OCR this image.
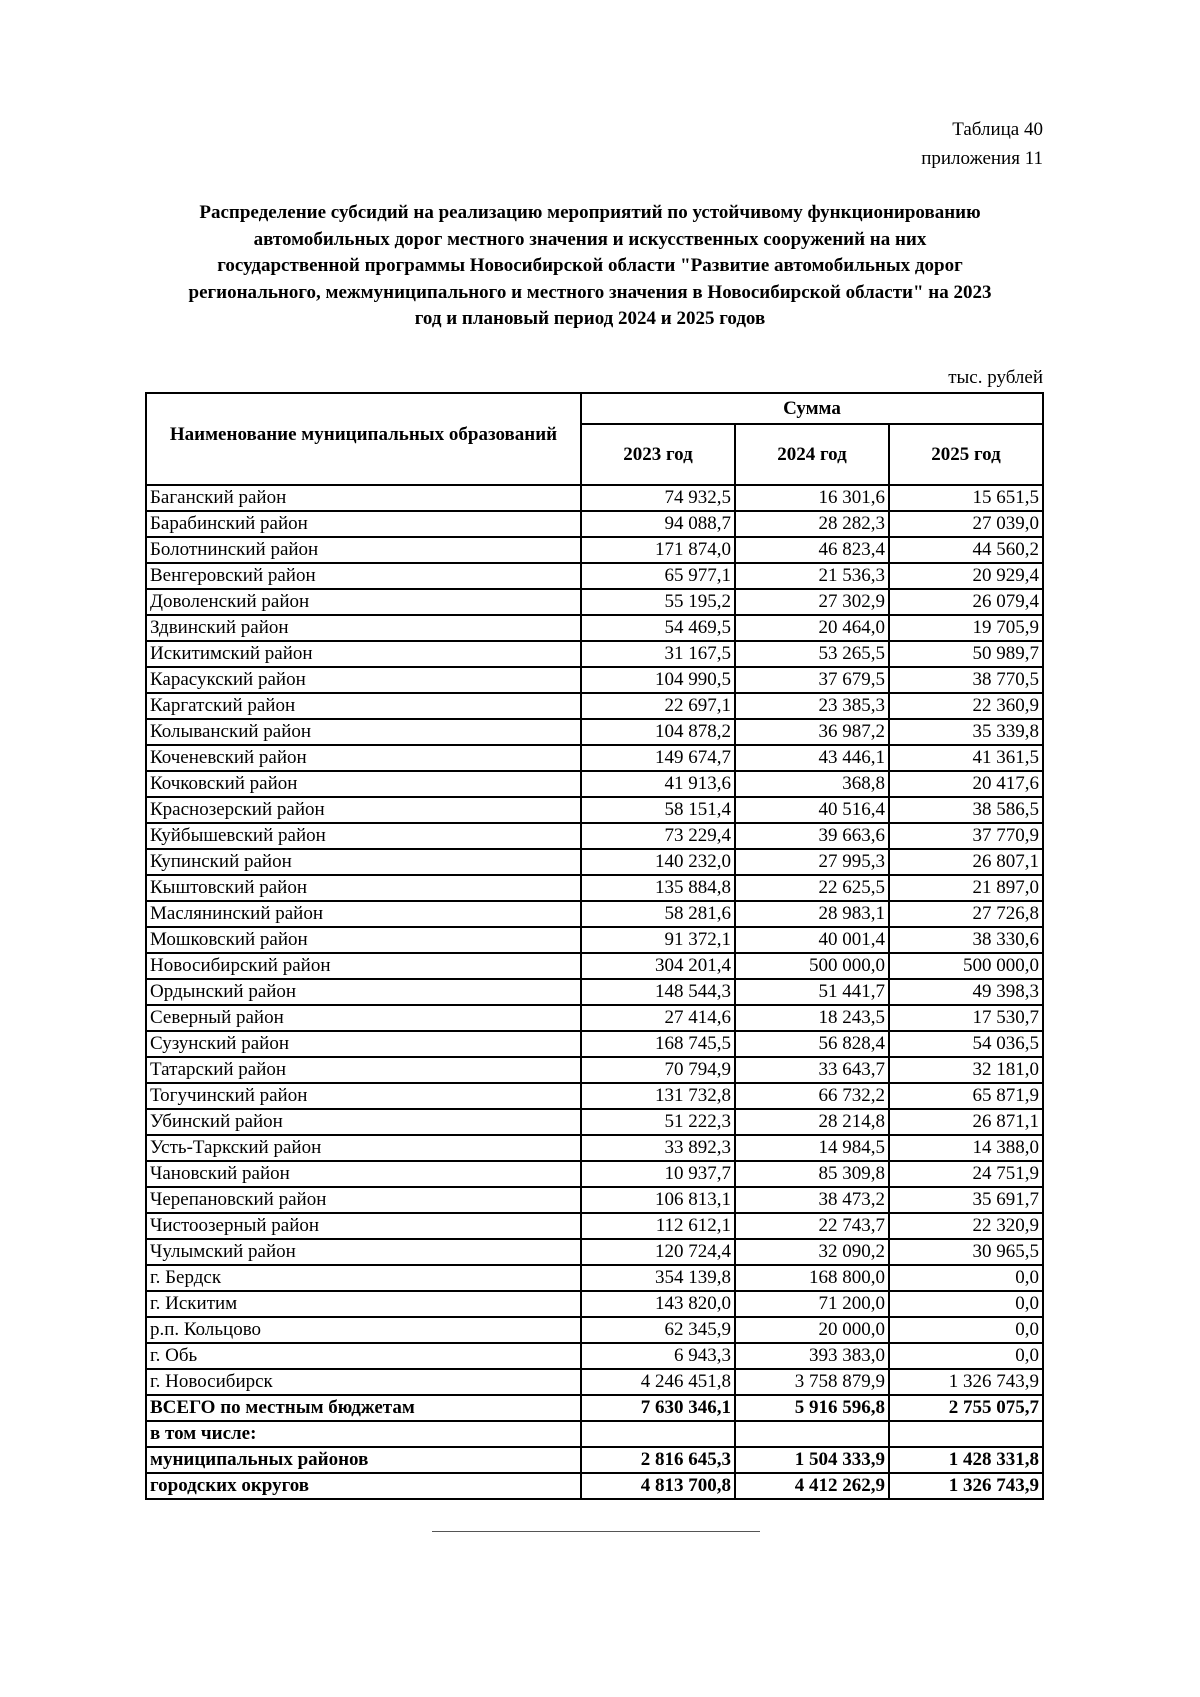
Таблица 40
приложения 11
Распределение субсидий на реализацию мероприятий по устойчивому функционированию
автомобильных дорог местного значения и искусственных сооружений на них
государственной программы Новосибирской области "Развитие автомобильных дорог
регионального, межмуниципального и местного значения в Новосибирской области" на 2023
год и плановый период 2024 и 2025 годов
тыс. рублей
Наименование муниципальных образований	Сумма		
	2023 год	2024 год	2025 год
Баганский район	74 932,5	16 301,6	15 651,5
Барабинский район	94 088,7	28 282,3	27 039,0
Болотнинский район	171 874,0	46 823,4	44 560,2
Венгеровский район	65 977,1	21 536,3	20 929,4
Доволенский район	55 195,2	27 302,9	26 079,4
Здвинский район	54 469,5	20 464,0	19 705,9
Искитимский район	31 167,5	53 265,5	50 989,7
Карасукский район	104 990,5	37 679,5	38 770,5
Каргатский район	22 697,1	23 385,3	22 360,9
Колыванский район	104 878,2	36 987,2	35 339,8
Коченевский район	149 674,7	43 446,1	41 361,5
Кочковский район	41 913,6	368,8	20 417,6
Краснозерский район	58 151,4	40 516,4	38 586,5
Куйбышевский район	73 229,4	39 663,6	37 770,9
Купинский район	140 232,0	27 995,3	26 807,1
Кыштовский район	135 884,8	22 625,5	21 897,0
Маслянинский район	58 281,6	28 983,1	27 726,8
Мошковский район	91 372,1	40 001,4	38 330,6
Новосибирский район	304 201,4	500 000,0	500 000,0
Ордынский район	148 544,3	51 441,7	49 398,3
Северный район	27 414,6	18 243,5	17 530,7
Сузунский район	168 745,5	56 828,4	54 036,5
Татарский район	70 794,9	33 643,7	32 181,0
Тогучинский район	131 732,8	66 732,2	65 871,9
Убинский район	51 222,3	28 214,8	26 871,1
Усть-Таркский район	33 892,3	14 984,5	14 388,0
Чановский район	10 937,7	85 309,8	24 751,9
Черепановский район	106 813,1	38 473,2	35 691,7
Чистоозерный район	112 612,1	22 743,7	22 320,9
Чулымский район	120 724,4	32 090,2	30 965,5
г. Бердск	354 139,8	168 800,0	0,0
г. Искитим	143 820,0	71 200,0	0,0
р.п. Кольцово	62 345,9	20 000,0	0,0
г. Обь	6 943,3	393 383,0	0,0
г. Новосибирск	4 246 451,8	3 758 879,9	1 326 743,9
ВСЕГО по местным бюджетам	7 630 346,1	5 916 596,8	2 755 075,7
в том числе:			
муниципальных районов	2 816 645,3	1 504 333,9	1 428 331,8
городских округов	4 813 700,8	4 412 262,9	1 326 743,9
